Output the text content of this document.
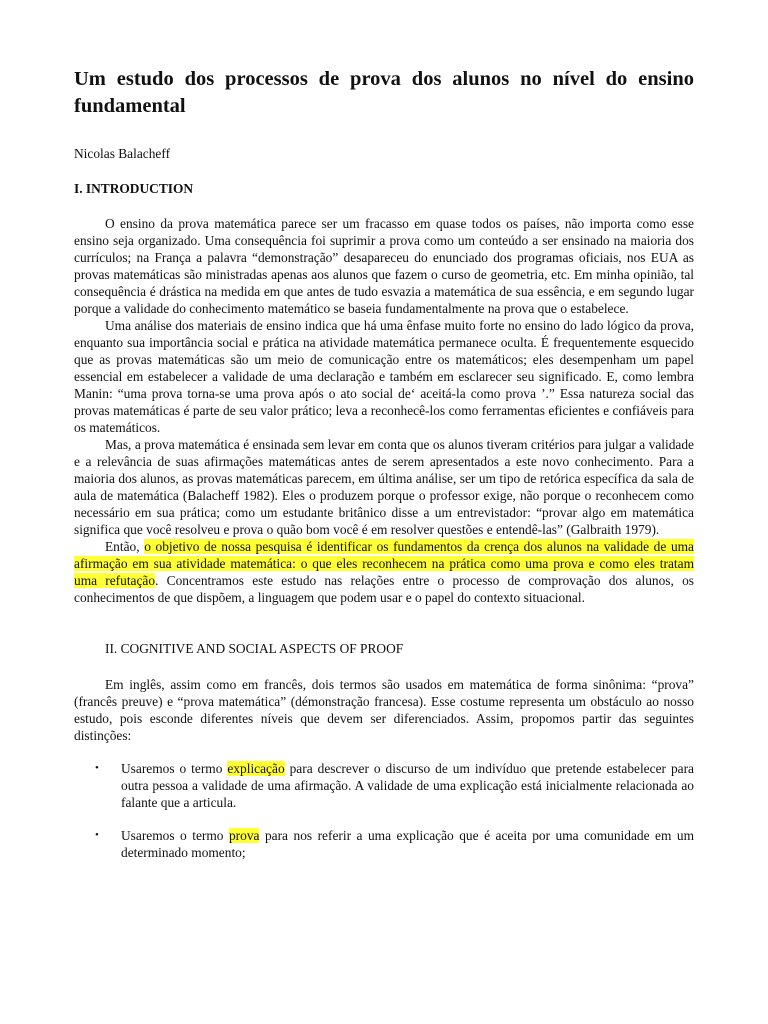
Um estudo dos processos de prova dos alunos no nível do ensino fundamental
Nicolas Balacheff
I. INTRODUCTION

O ensino da prova matemática parece ser um fracasso em quase todos os países, não importa como esse ensino seja organizado. Uma consequência foi suprimir a prova como um conteúdo a ser ensinado na maioria dos currículos; na França a palavra “demonstração” desapareceu do enunciado dos programas oficiais, nos EUA as provas matemáticas são ministradas apenas aos alunos que fazem o curso de geometria, etc. Em minha opinião, tal consequência é drástica na medida em que antes de tudo esvazia a matemática de sua essência, e em segundo lugar porque a validade do conhecimento matemático se baseia fundamentalmente na prova que o estabelece.

Uma análise dos materiais de ensino indica que há uma ênfase muito forte no ensino do lado lógico da prova, enquanto sua importância social e prática na atividade matemática permanece oculta. É frequentemente esquecido que as provas matemáticas são um meio de comunicação entre os matemáticos; eles desempenham um papel essencial em estabelecer a validade de uma declaração e também em esclarecer seu significado. E, como lembra Manin: “uma prova torna-se uma prova após o ato social de‘ aceitá-la como prova ’.” Essa natureza social das provas matemáticas é parte de seu valor prático; leva a reconhecê-los como ferramentas eficientes e confiáveis para os matemáticos.

Mas, a prova matemática é ensinada sem levar em conta que os alunos tiveram critérios para julgar a validade e a relevância de suas afirmações matemáticas antes de serem apresentados a este novo conhecimento. Para a maioria dos alunos, as provas matemáticas parecem, em última análise, ser um tipo de retórica específica da sala de aula de matemática (Balacheff 1982). Eles o produzem porque o professor exige, não porque o reconhecem como necessário em sua prática; como um estudante britânico disse a um entrevistador: “provar algo em matemática significa que você resolveu e prova o quão bom você é em resolver questões e entendê-las” (Galbraith 1979).

Então, o objetivo de nossa pesquisa é identificar os fundamentos da crença dos alunos na validade de uma afirmação em sua atividade matemática: o que eles reconhecem na prática como uma prova e como eles tratam uma refutação. Concentramos este estudo nas relações entre o processo de comprovação dos alunos, os conhecimentos de que dispõem, a linguagem que podem usar e o papel do contexto situacional.

II. COGNITIVE AND SOCIAL ASPECTS OF PROOF

Em inglês, assim como em francês, dois termos são usados em matemática de forma sinônima: “prova” (francês preuve) e “prova matemática” (démonstração francesa). Esse costume representa um obstáculo ao nosso estudo, pois esconde diferentes níveis que devem ser diferenciados. Assim, propomos partir das seguintes distinções:

• Usaremos o termo explicação para descrever o discurso de um indivíduo que pretende estabelecer para outra pessoa a validade de uma afirmação. A validade de uma explicação está inicialmente relacionada ao falante que a articula.
• Usaremos o termo prova para nos referir a uma explicação que é aceita por uma comunidade em um determinado momento;
